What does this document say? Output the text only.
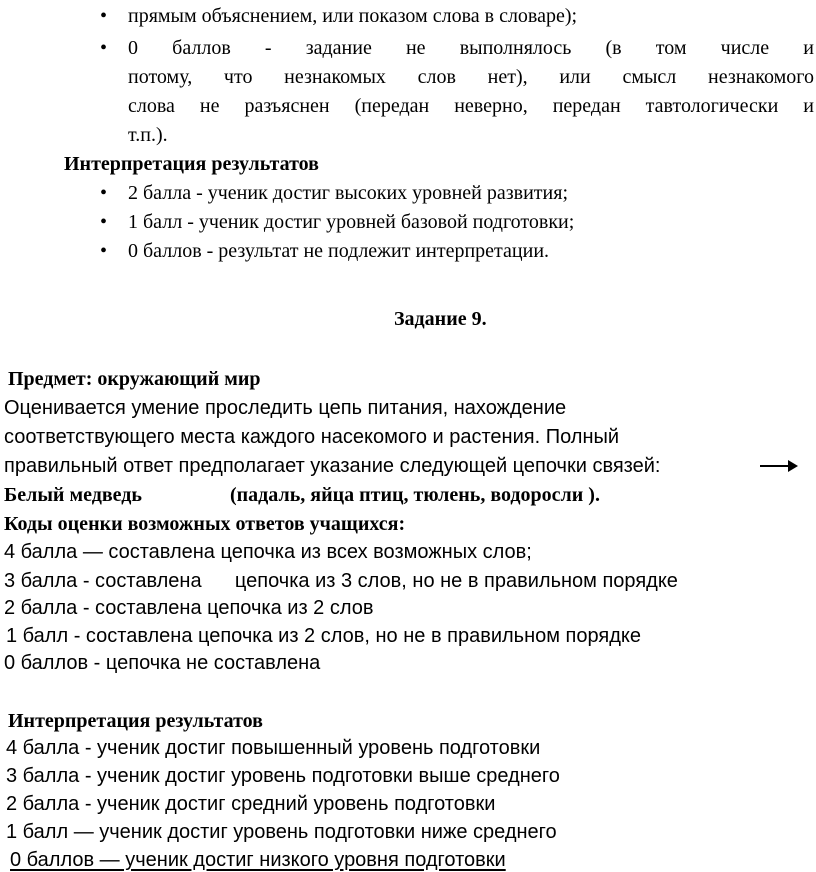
• прямым объяснением, или показом слова в словаре);
• 0 баллов - задание не выполнялось (в том числе и
потому, что незнакомых слов нет), или смысл незнакомого
слова не разъяснен (передан неверно, передан тавтологически и
т.п.).
Интерпретация результатов
• 2 балла - ученик достиг высоких уровней развития;
• 1 балл - ученик достиг уровней базовой подготовки;
• 0 баллов - результат не подлежит интерпретации.
Задание 9.
Предмет: окружающий мир
Оценивается умение проследить цепь питания, нахождение
соответствующего места каждого насекомого и растения. Полный
правильный ответ предполагает указание следующей цепочки связей:
Белый медведь	(падаль, яйца птиц, тюлень, водоросли ).
Коды оценки возможных ответов учащихся:
4 балла — составлена цепочка из всех возможных слов;
3 балла - составлена      цепочка из 3 слов, но не в правильном порядке
2 балла - составлена цепочка из 2 слов
1 балл - составлена цепочка из 2 слов, но не в правильном порядке
0 баллов - цепочка не составлена
Интерпретация результатов
4 балла - ученик достиг повышенный уровень подготовки
3 балла - ученик достиг уровень подготовки выше среднего
2 балла - ученик достиг средний уровень подготовки
1 балл — ученик достиг уровень подготовки ниже среднего
0 баллов — ученик достиг низкого уровня подготовки
